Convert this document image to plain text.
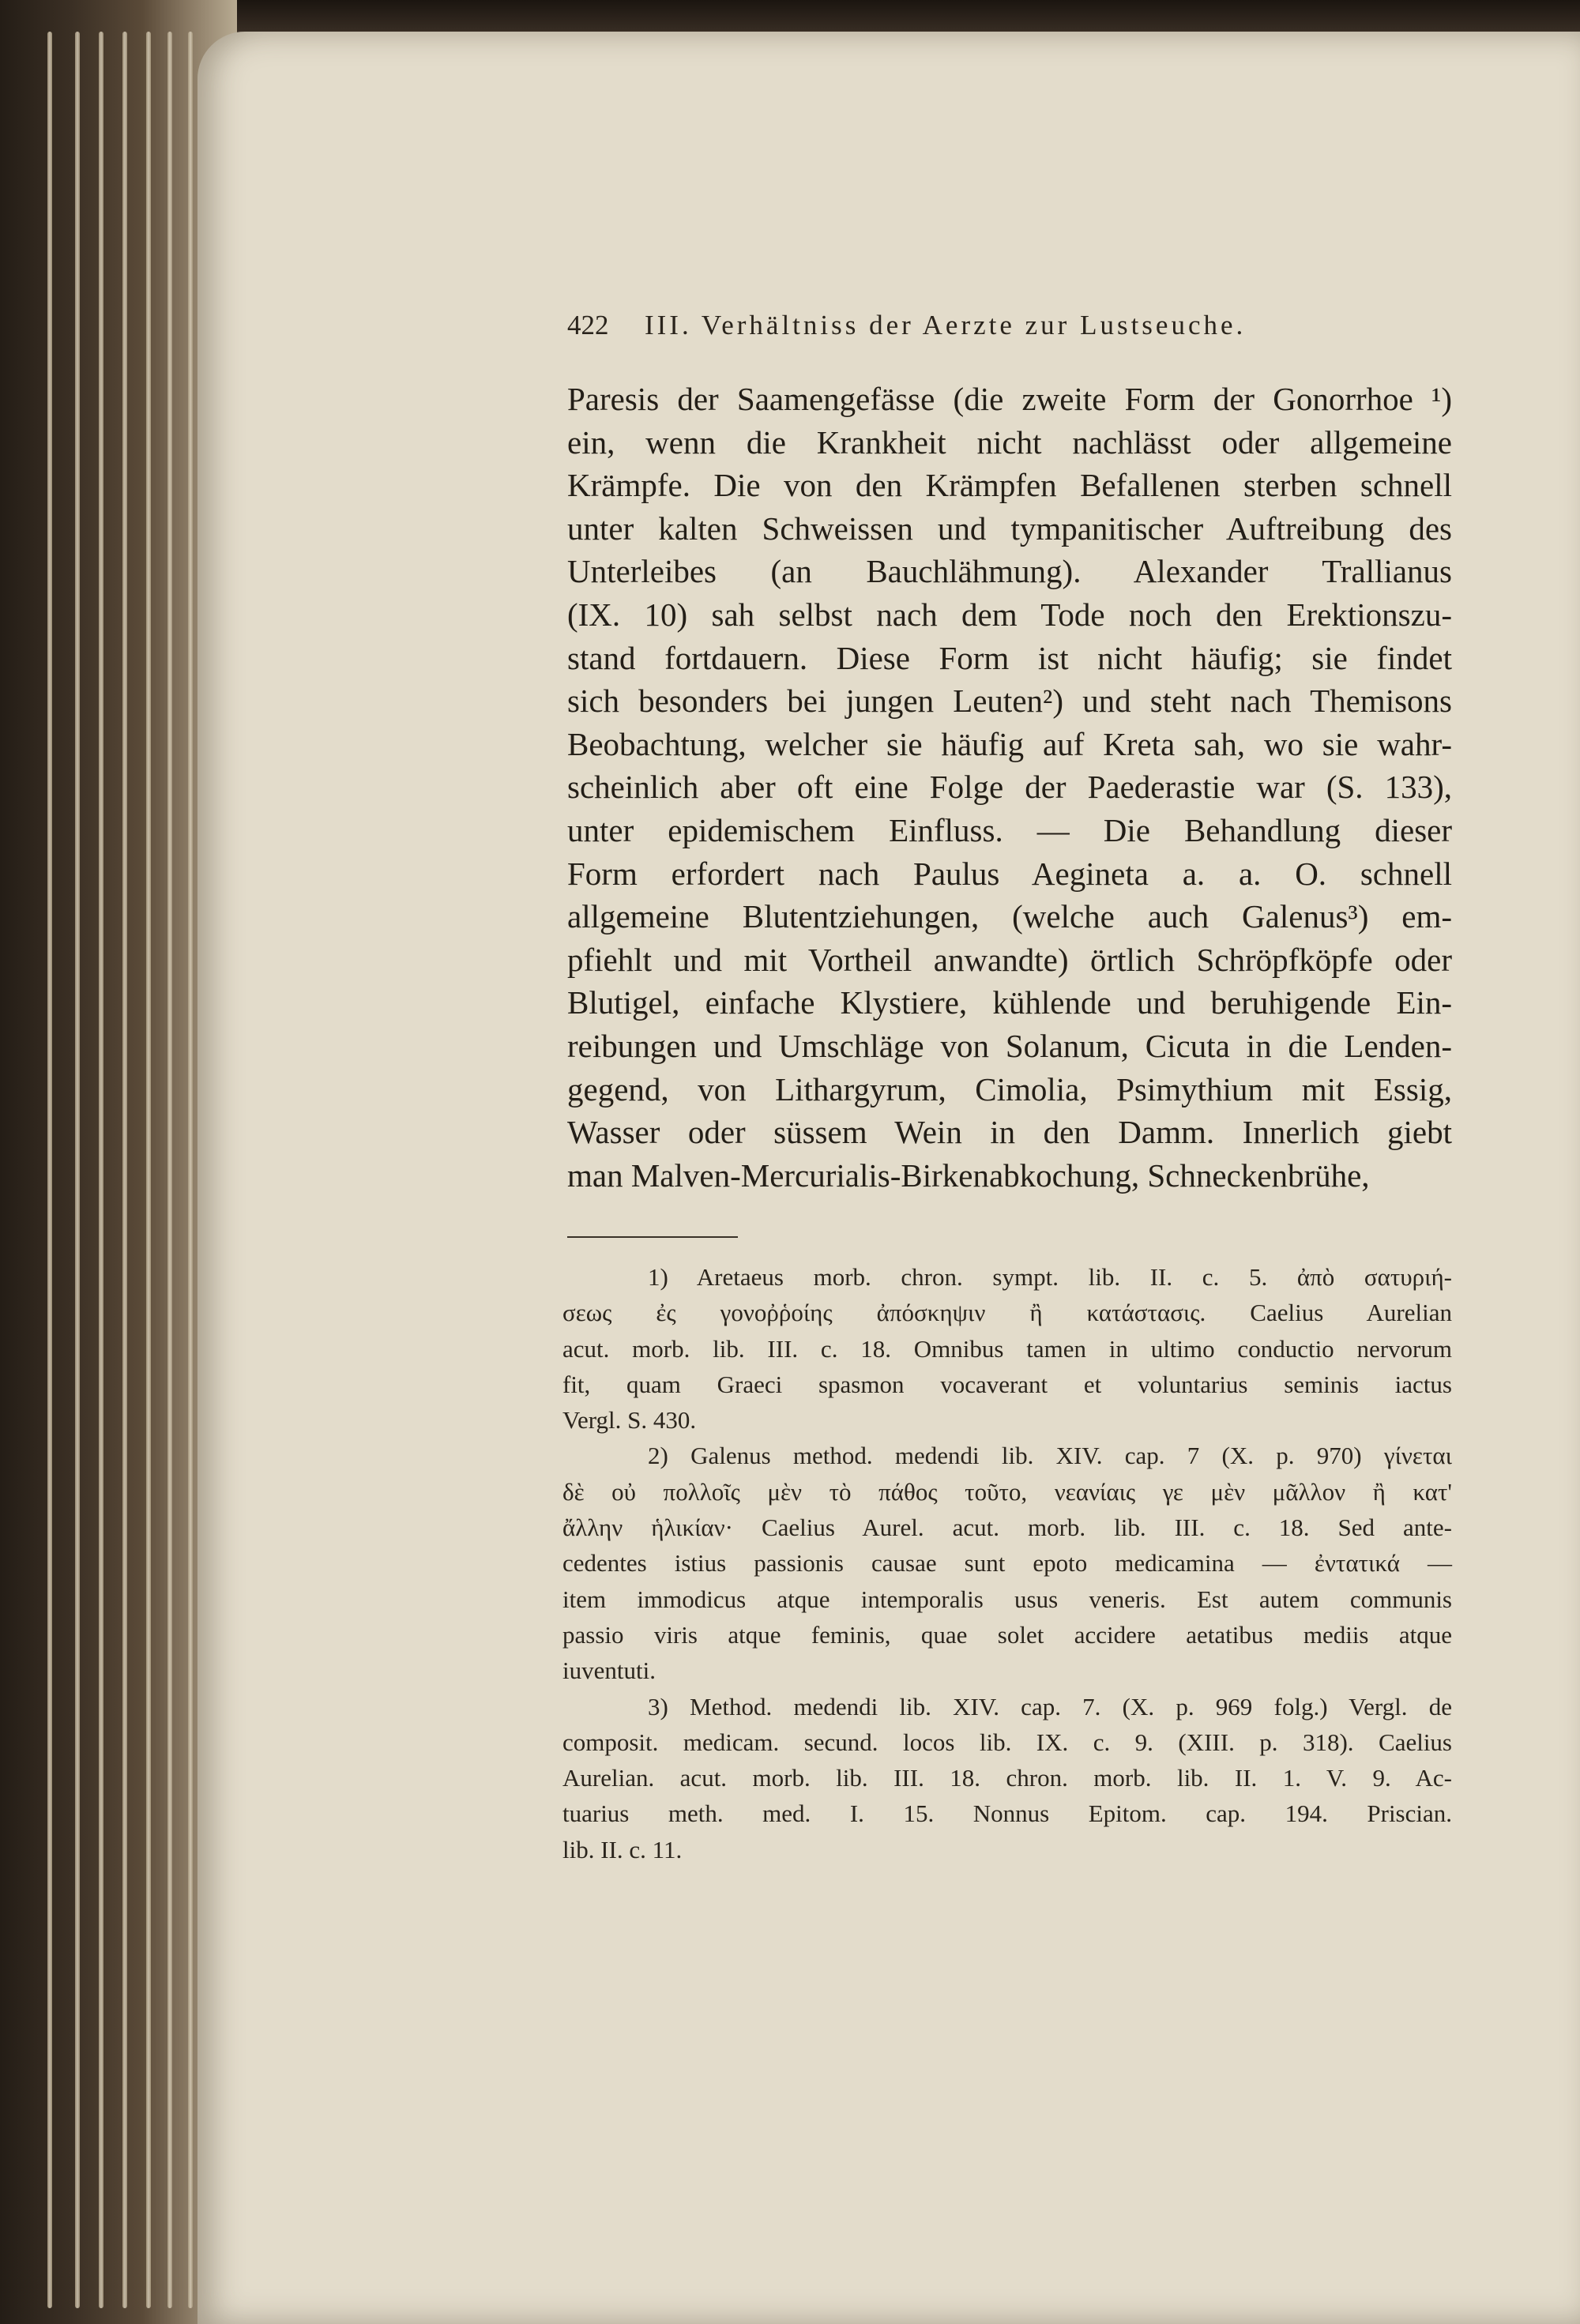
422 III. Verhältniss der Aerzte zur Lustseuche.
Paresis der Saamengefässe (die zweite Form der Gonorrhoe ¹)
ein, wenn die Krankheit nicht nachlässt oder allgemeine
Krämpfe. Die von den Krämpfen Befallenen sterben schnell
unter kalten Schweissen und tympanitischer Auftreibung des
Unterleibes (an Bauchlähmung). Alexander Trallianus
(IX. 10) sah selbst nach dem Tode noch den Erektionszu-
stand fortdauern. Diese Form ist nicht häufig; sie findet
sich besonders bei jungen Leuten²) und steht nach Themisons
Beobachtung, welcher sie häufig auf Kreta sah, wo sie wahr-
scheinlich aber oft eine Folge der Paederastie war (S. 133),
unter epidemischem Einfluss. — Die Behandlung dieser
Form erfordert nach Paulus Aegineta a. a. O. schnell
allgemeine Blutentziehungen, (welche auch Galenus³) em-
pfiehlt und mit Vortheil anwandte) örtlich Schröpfköpfe oder
Blutigel, einfache Klystiere, kühlende und beruhigende Ein-
reibungen und Umschläge von Solanum, Cicuta in die Lenden-
gegend, von Lithargyrum, Cimolia, Psimythium mit Essig,
Wasser oder süssem Wein in den Damm. Innerlich giebt
man Malven-Mercurialis-Birkenabkochung, Schneckenbrühe,
1) Aretaeus morb. chron. sympt. lib. II. c. 5. ἀπὸ σατυριή-
σεως ἐς γονοῤῥοίης ἀπόσκηψιν ἢ κατάστασις. Caelius Aurelian
acut. morb. lib. III. c. 18. Omnibus tamen in ultimo conductio nervorum
fit, quam Graeci spasmon vocaverant et voluntarius seminis iactus
Vergl. S. 430.
2) Galenus method. medendi lib. XIV. cap. 7 (X. p. 970) γίνεται
δὲ οὐ πολλοῖς μὲν τὸ πάθος τοῦτο, νεανίαις γε μὲν μᾶλλον ἢ κατ'
ἄλλην ἡλικίαν· Caelius Aurel. acut. morb. lib. III. c. 18. Sed ante-
cedentes istius passionis causae sunt epoto medicamina — ἐντατικά —
item immodicus atque intemporalis usus veneris. Est autem communis
passio viris atque feminis, quae solet accidere aetatibus mediis atque
iuventuti.
3) Method. medendi lib. XIV. cap. 7. (X. p. 969 folg.) Vergl. de
composit. medicam. secund. locos lib. IX. c. 9. (XIII. p. 318). Caelius
Aurelian. acut. morb. lib. III. 18. chron. morb. lib. II. 1. V. 9. Ac-
tuarius meth. med. I. 15. Nonnus Epitom. cap. 194. Priscian.
lib. II. c. 11.
